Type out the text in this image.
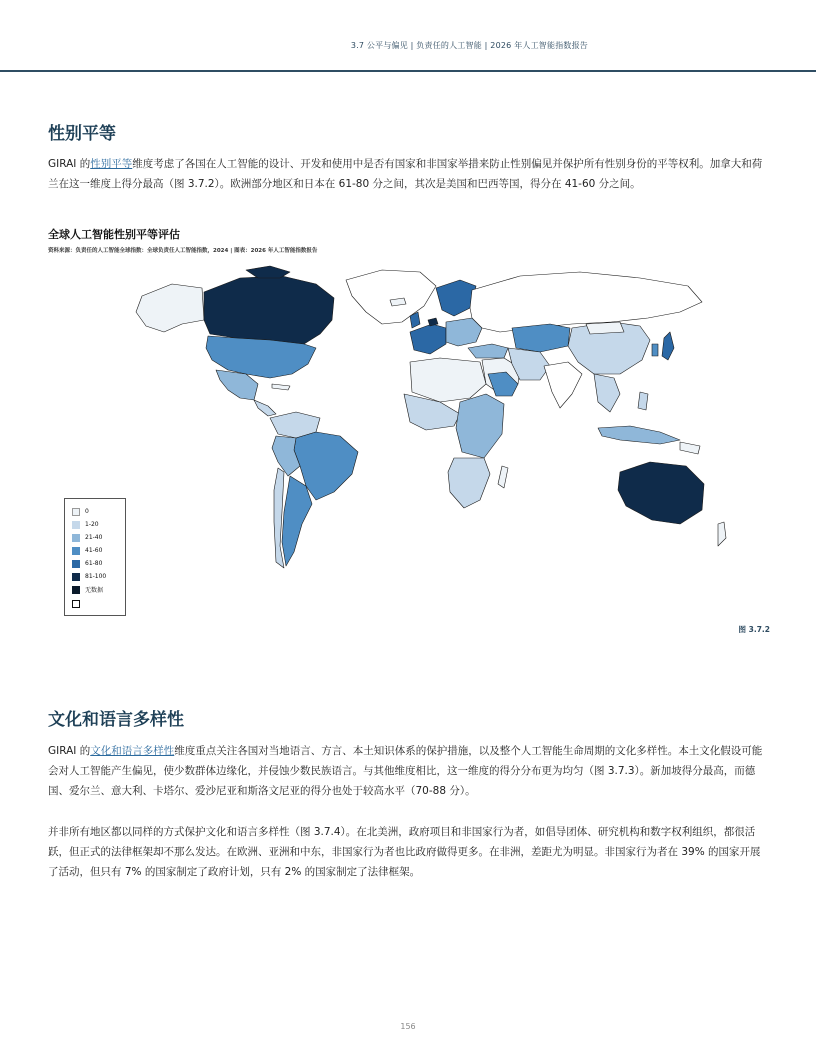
3.7 公平与偏见 | 负责任的人工智能 | 2026 年人工智能指数报告
性别平等

GIRAI 的性别平等维度考虑了各国在人工智能的设计、开发和使用中是否有国家和非国家举措来防止性别偏见并保护所有性别身份的平等权利。加拿大和荷兰在这一维度上得分最高（图 3.7.2）。欧洲部分地区和日本在 61-80 分之间，其次是美国和巴西等国，得分在 41-60 分之间。

全球人工智能性别平等评估
资料来源：负责任的人工智能全球指数：全球负责任人工智能指数，2024 | 图表：2026 年人工智能指数报告
0
1-20
21-40
41-60
61-80
81-100
无数据
图 3.7.2
文化和语言多样性

GIRAI 的文化和语言多样性维度重点关注各国对当地语言、方言、本土知识体系的保护措施，以及整个人工智能生命周期的文化多样性。本土文化假设可能会对人工智能产生偏见，使少数群体边缘化，并侵蚀少数民族语言。与其他维度相比，这一维度的得分分布更为均匀（图 3.7.3）。新加坡得分最高，而德国、爱尔兰、意大利、卡塔尔、爱沙尼亚和斯洛文尼亚的得分也处于较高水平（70-88 分）。

并非所有地区都以同样的方式保护文化和语言多样性（图 3.7.4）。在北美洲，政府项目和非国家行为者，如倡导团体、研究机构和数字权利组织，都很活跃，但正式的法律框架却不那么发达。在欧洲、亚洲和中东，非国家行为者也比政府做得更多。在非洲，差距尤为明显。非国家行为者在 39% 的国家开展了活动，但只有 7% 的国家制定了政府计划，只有 2% 的国家制定了法律框架。

156
